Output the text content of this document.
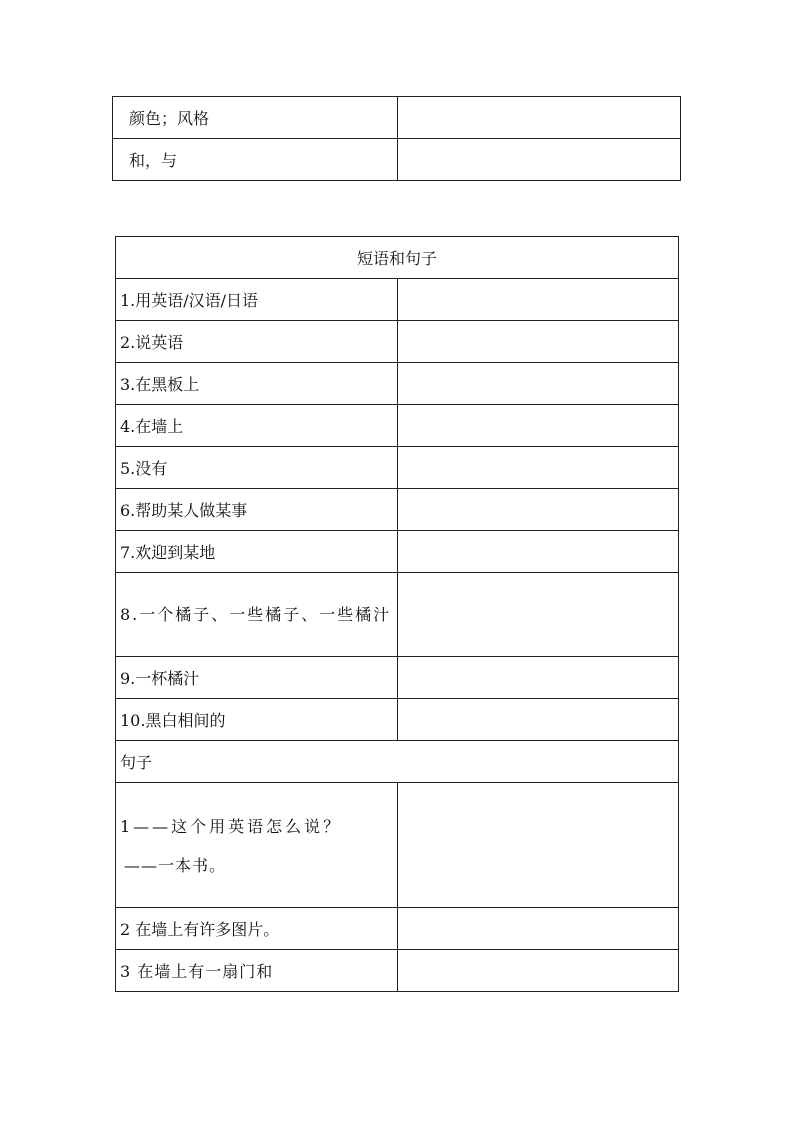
颜色；风格	
和，与	
短语和句子	
1.用英语/汉语/日语	
2.说英语	
3.在黑板上	
4.在墙上	
5.没有	
6.帮助某人做某事	
7.欢迎到某地	
8.一个橘子、一些橘子、一些橘汁	
9.一杯橘汁	
10.黑白相间的	
句子	

1——这个用英语怎么说？
——一本书。	

2 在墙上有许多图片。	
3 在墙上有一扇门和	
